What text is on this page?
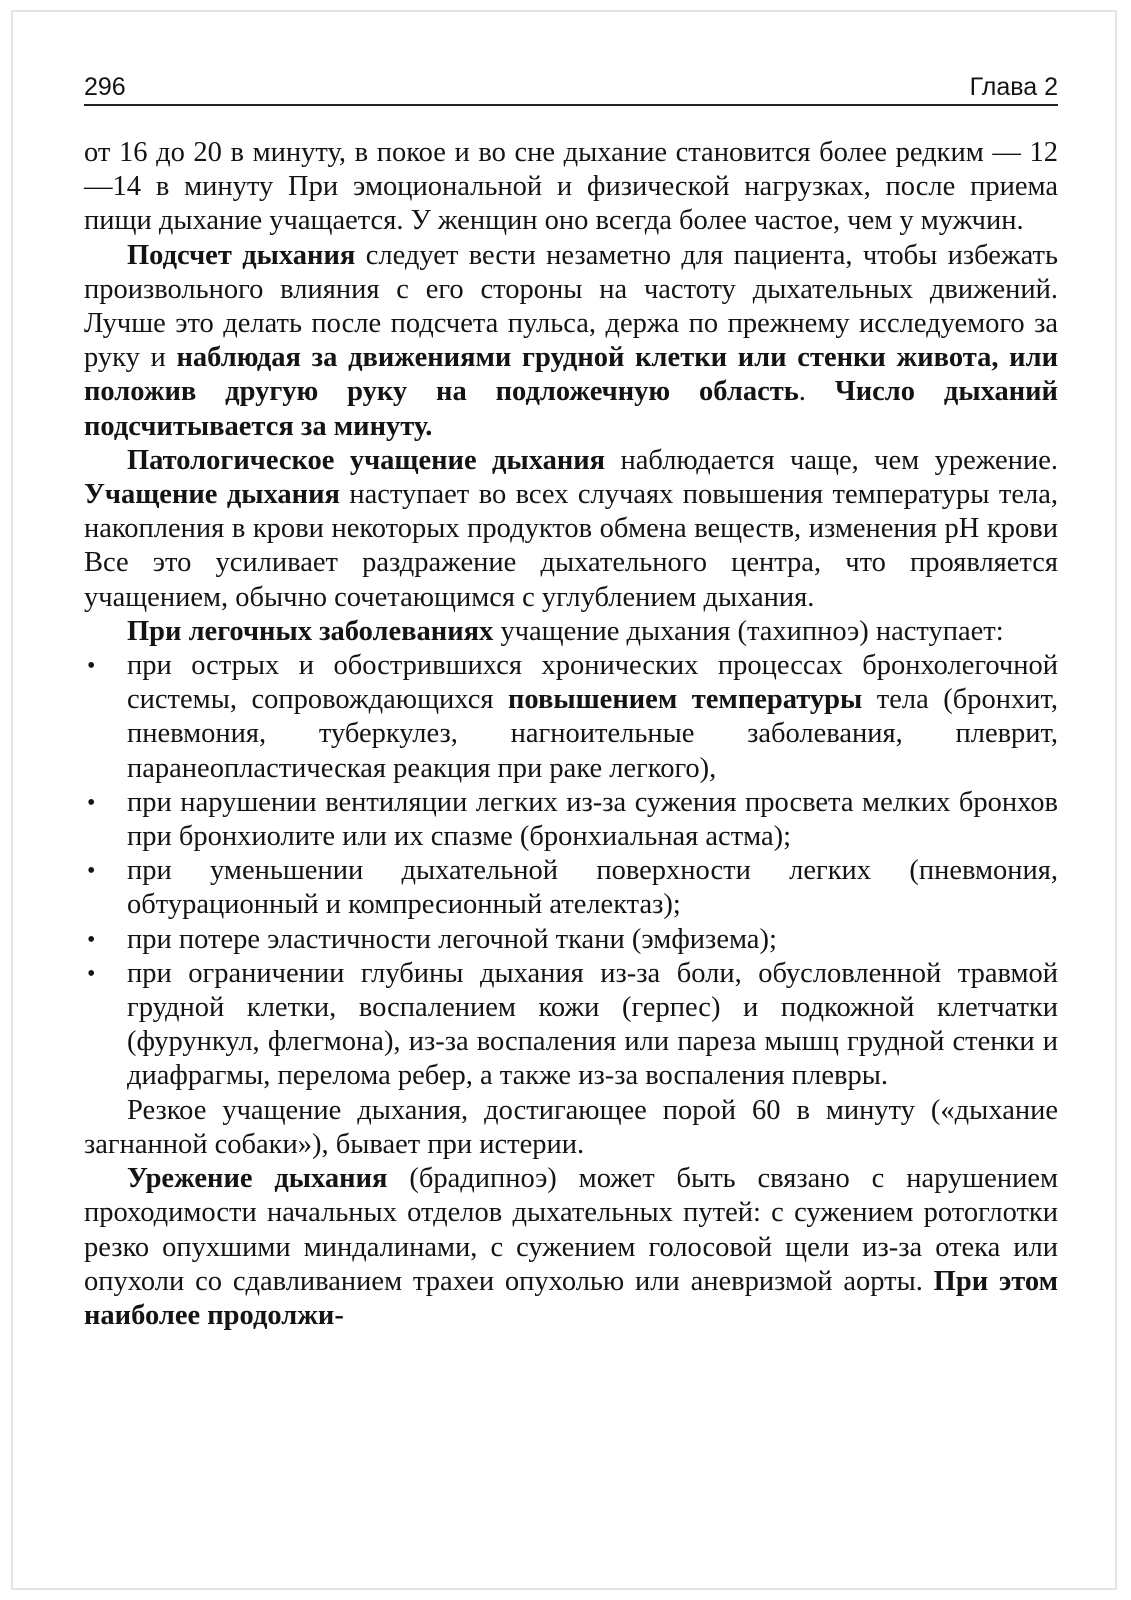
296	Глава 2

от 16 до 20 в минуту, в покое и во сне дыхание становится более редким — 12—14 в минуту При эмоциональной и физической нагрузках, после приема пищи дыхание учащается. У женщин оно всегда более частое, чем у мужчин.

Подсчет дыхания следует вести незаметно для пациента, чтобы избежать произвольного влияния с его стороны на частоту дыхательных движений. Лучше это делать после подсчета пульса, держа по прежнему исследуемого за руку и наблюдая за движениями грудной клетки или стенки живота, или положив другую руку на подложечную область. Число дыханий подсчитывается за минуту.

Патологическое учащение дыхания наблюдается чаще, чем урежение. Учащение дыхания наступает во всех случаях повышения температуры тела, накопления в крови некоторых продуктов обмена веществ, изменения pH крови Все это усиливает раздражение дыхательного центра, что проявляется учащением, обычно сочетающимся с углублением дыхания.

При легочных заболеваниях учащение дыхания (тахипноэ) наступает:

• при острых и обострившихся хронических процессах бронхолегочной системы, сопровождающихся повышением температуры тела (бронхит, пневмония, туберкулез, нагноительные заболевания, плеврит, паранеопластическая реакция при раке легкого),
• при нарушении вентиляции легких из-за сужения просвета мелких бронхов при бронхиолите или их спазме (бронхиальная астма);
• при уменьшении дыхательной поверхности легких (пневмония, обтурационный и компресионный ателектаз);
• при потере эластичности легочной ткани (эмфизема);
• при ограничении глубины дыхания из-за боли, обусловленной травмой грудной клетки, воспалением кожи (герпес) и подкожной клетчатки (фурункул, флегмона), из-за воспаления или пареза мышц грудной стенки и диафрагмы, перелома ребер, а также из-за воспаления плевры.

Резкое учащение дыхания, достигающее порой 60 в минуту («дыхание загнанной собаки»), бывает при истерии.

Урежение дыхания (брадипноэ) может быть связано с нарушением проходимости начальных отделов дыхательных путей: с сужением ротоглотки резко опухшими миндалинами, с сужением голосовой щели из-за отека или опухоли со сдавливанием трахеи опухолью или аневризмой аорты. При этом наиболее продолжи-
